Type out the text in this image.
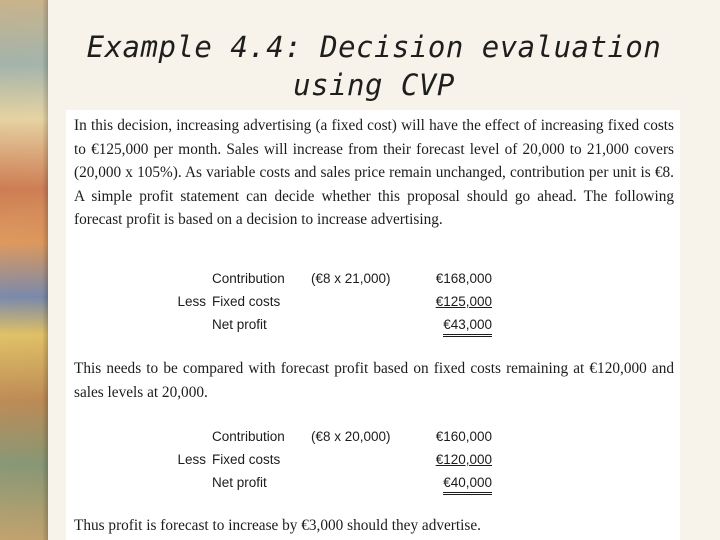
Example 4.4: Decision evaluation
using CVP
In this decision, increasing advertising (a fixed cost) will have the effect of increasing fixed costs to €125,000 per month. Sales will increase from their forecast level of 20,000 to 21,000 covers (20,000 x 105%). As variable costs and sales price remain unchanged, contribution per unit is €8. A simple profit statement can decide whether this proposal should go ahead. The following forecast profit is based on a decision to increase advertising.
Contribution (€8 x 21,000)	€168,000
Less Fixed costs	€125,000
Net profit	€43,000
This needs to be compared with forecast profit based on fixed costs remaining at €120,000 and sales levels at 20,000.
Contribution (€8 x 20,000)	€160,000
Less Fixed costs	€120,000
Net profit	€40,000
Thus profit is forecast to increase by €3,000 should they advertise.
